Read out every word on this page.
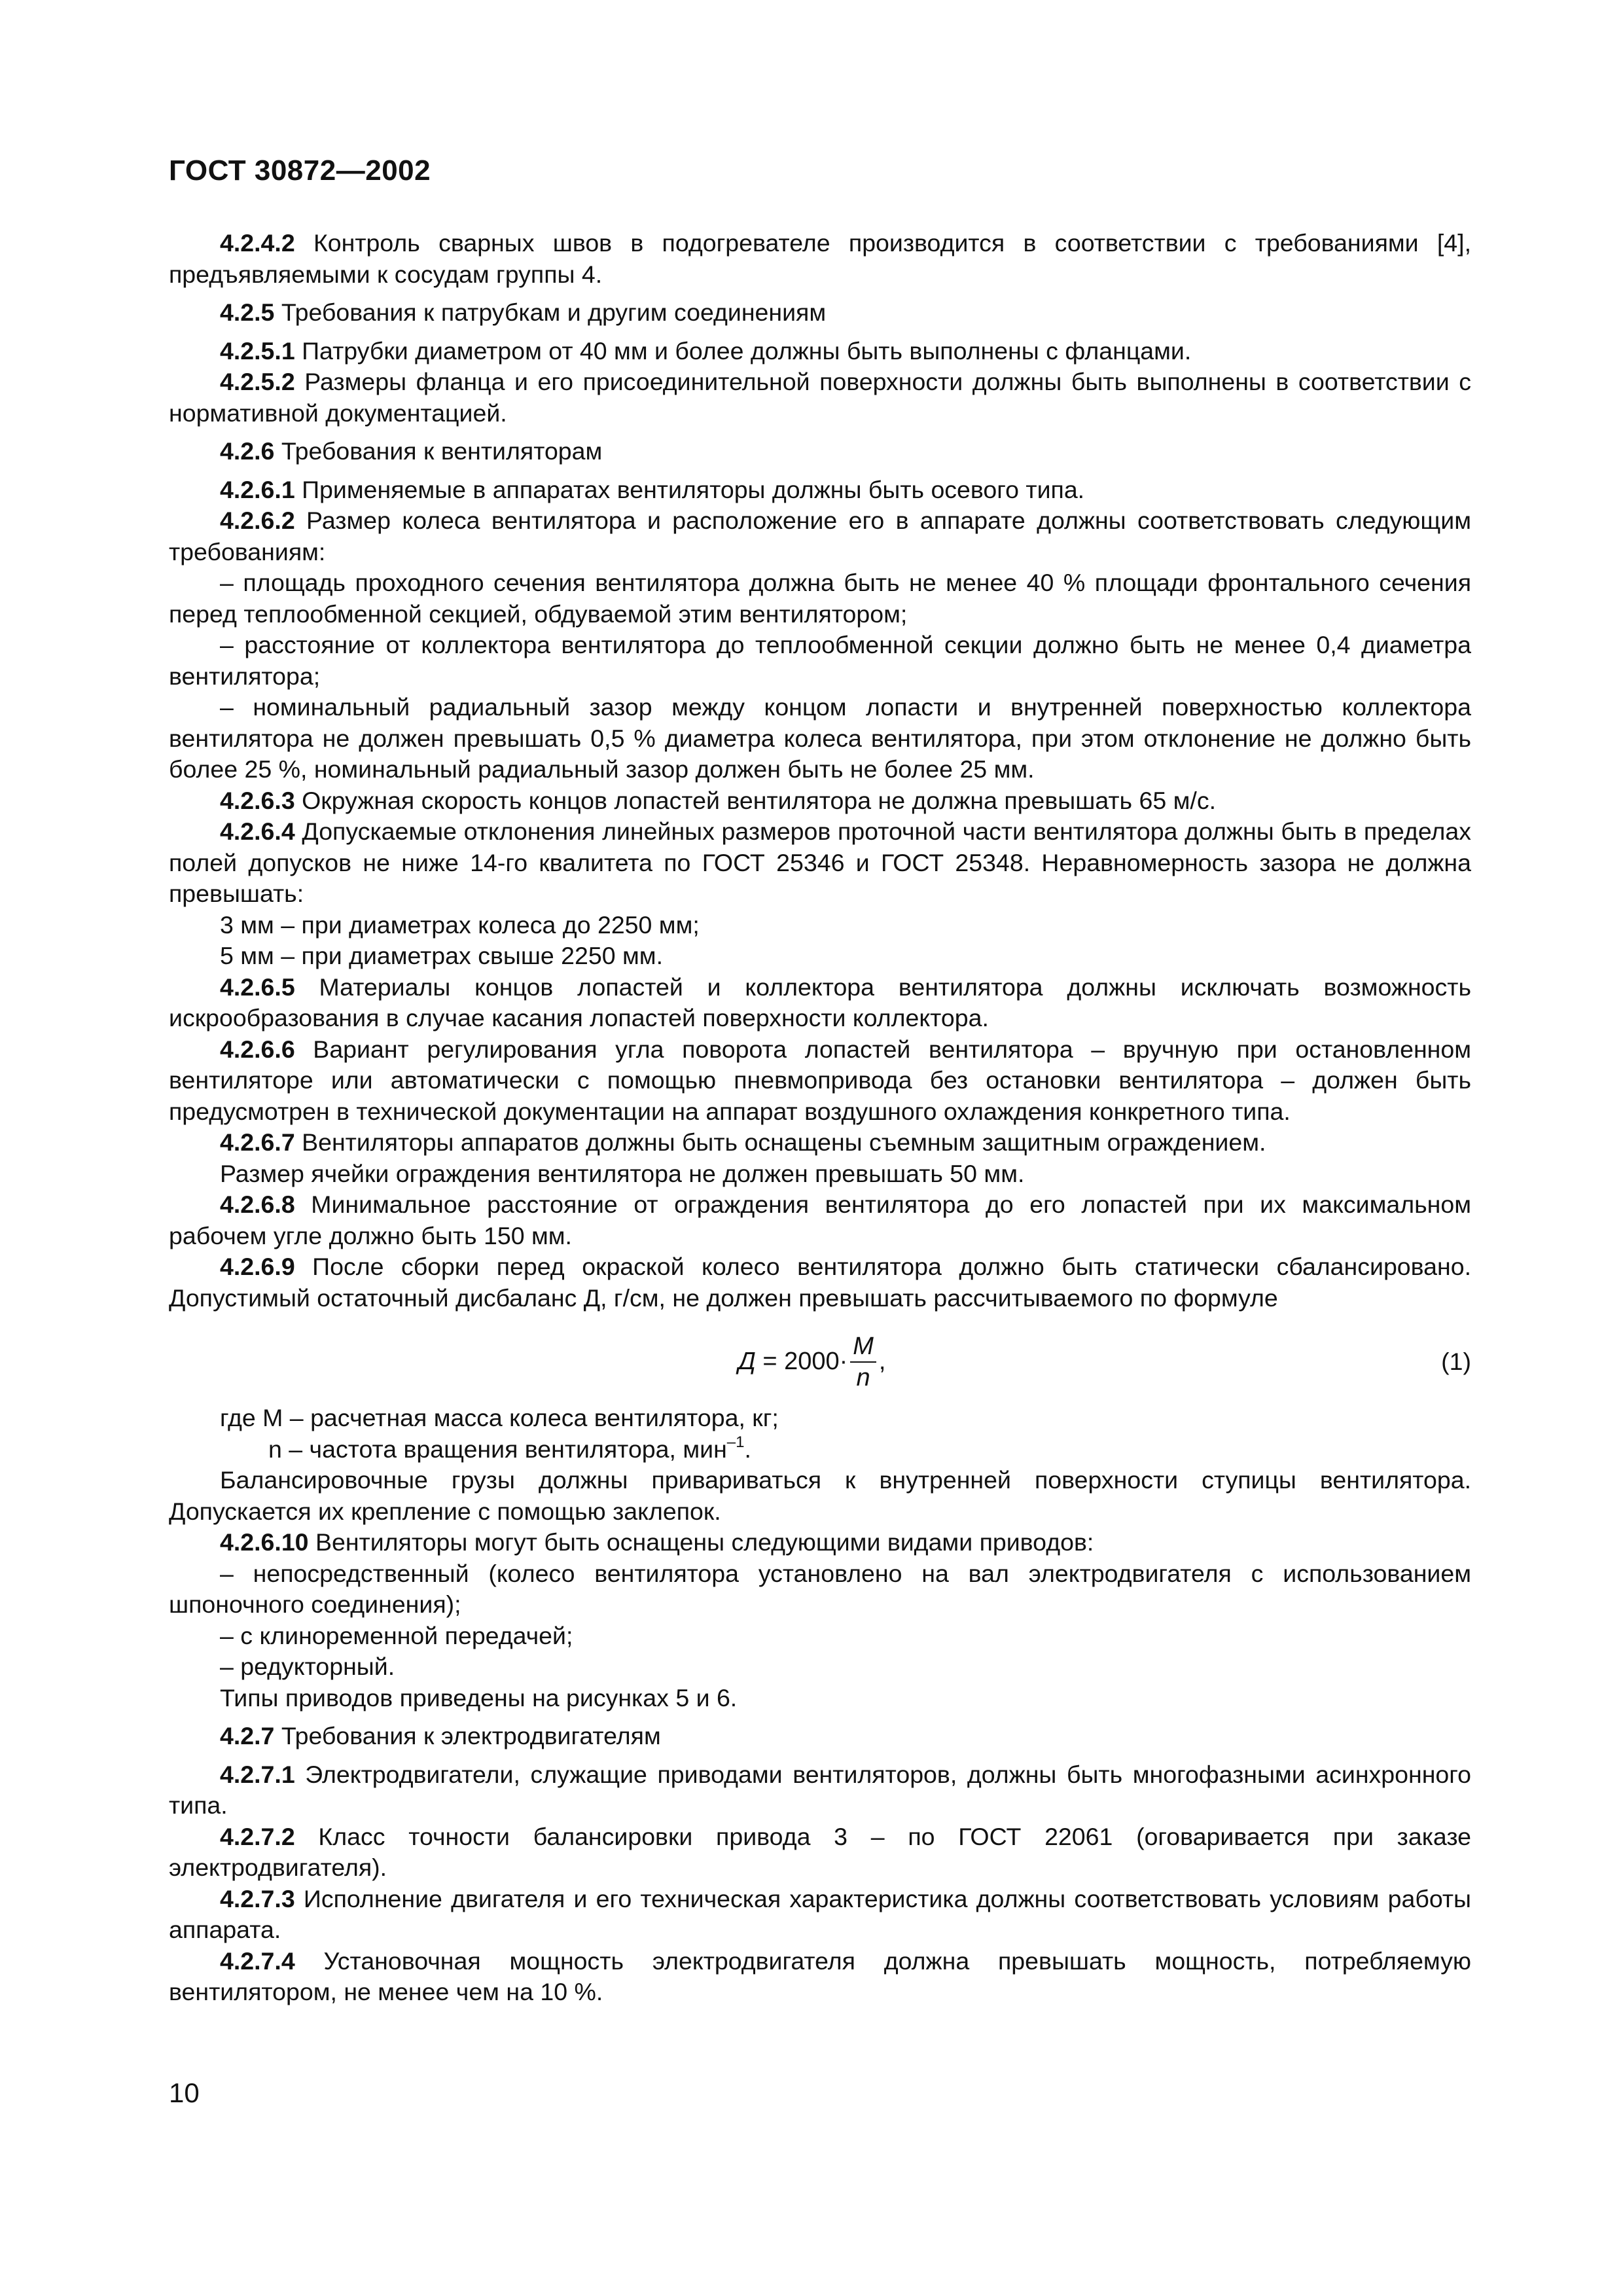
ГОСТ 30872—2002

4.2.4.2 Контроль сварных швов в подогревателе производится в соответствии с требованиями [4], предъявляемыми к сосудам группы 4.

4.2.5 Требования к патрубкам и другим соединениям

4.2.5.1 Патрубки диаметром от 40 мм и более должны быть выполнены с фланцами.

4.2.5.2 Размеры фланца и его присоединительной поверхности должны быть выполнены в соответствии с нормативной документацией.

4.2.6 Требования к вентиляторам

4.2.6.1 Применяемые в аппаратах вентиляторы должны быть осевого типа.

4.2.6.2 Размер колеса вентилятора и расположение его в аппарате должны соответствовать следующим требованиям:

– площадь проходного сечения вентилятора должна быть не менее 40 % площади фронтального сечения перед теплообменной секцией, обдуваемой этим вентилятором;

– расстояние от коллектора вентилятора до теплообменной секции должно быть не менее 0,4 диаметра вентилятора;

– номинальный радиальный зазор между концом лопасти и внутренней поверхностью коллектора вентилятора не должен превышать 0,5 % диаметра колеса вентилятора, при этом отклонение не должно быть более 25 %, номинальный радиальный зазор должен быть не более 25 мм.

4.2.6.3 Окружная скорость концов лопастей вентилятора не должна превышать 65 м/с.

4.2.6.4 Допускаемые отклонения линейных размеров проточной части вентилятора должны быть в пределах полей допусков не ниже 14-го квалитета по ГОСТ 25346 и ГОСТ 25348. Неравномерность зазора не должна превышать:

3 мм – при диаметрах колеса до 2250 мм;

5 мм – при диаметрах свыше 2250 мм.

4.2.6.5 Материалы концов лопастей и коллектора вентилятора должны исключать возможность искрообразования в случае касания лопастей поверхности коллектора.

4.2.6.6 Вариант регулирования угла поворота лопастей вентилятора – вручную при остановленном вентиляторе или автоматически с помощью пневмопривода без остановки вентилятора – должен быть предусмотрен в технической документации на аппарат воздушного охлаждения конкретного типа.

4.2.6.7 Вентиляторы аппаратов должны быть оснащены съемным защитным ограждением.

Размер ячейки ограждения вентилятора не должен превышать 50 мм.

4.2.6.8 Минимальное расстояние от ограждения вентилятора до его лопастей при их максимальном рабочем угле должно быть 150 мм.

4.2.6.9 После сборки перед окраской колесо вентилятора должно быть статически сбалансировано. Допустимый остаточный дисбаланс Д, г/см, не должен превышать рассчитываемого по формуле

$Д = 2000\cdot \frac{М}{n}$ ,	(1)

где М – расчетная масса колеса вентилятора, кг;

n – частота вращения вентилятора, мин$^{-1}$.

Балансировочные грузы должны привариваться к внутренней поверхности ступицы вентилятора. Допускается их крепление с помощью заклепок.

4.2.6.10 Вентиляторы могут быть оснащены следующими видами приводов:

– непосредственный (колесо вентилятора установлено на вал электродвигателя с использованием шпоночного соединения);

– с клиноременной передачей;

– редукторный.

Типы приводов приведены на рисунках 5 и 6.

4.2.7 Требования к электродвигателям

4.2.7.1 Электродвигатели, служащие приводами вентиляторов, должны быть многофазными асинхронного типа.

4.2.7.2 Класс точности балансировки привода 3 – по ГОСТ 22061 (оговаривается при заказе электродвигателя).

4.2.7.3 Исполнение двигателя и его техническая характеристика должны соответствовать условиям работы аппарата.

4.2.7.4 Установочная мощность электродвигателя должна превышать мощность, потребляемую вентилятором, не менее чем на 10 %.

10
